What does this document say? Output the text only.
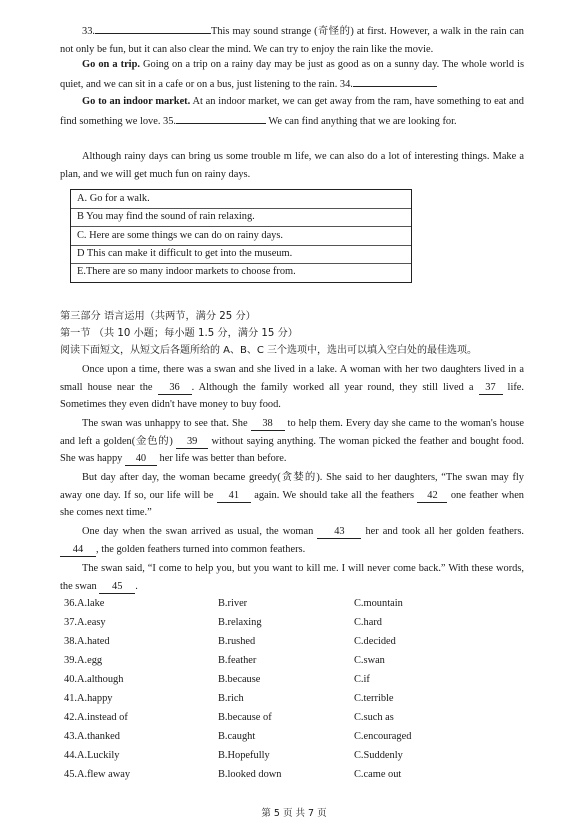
33.	This may sound strange (奇怪的) at first. However, a walk in the rain can not only be fun, but it can also clear the mind. We can try to enjoy the rain like the movie.

Go on a trip. Going on a trip on a rainy day may be just as good as on a sunny day. The whole world is quiet, and we can sit in a cafe or on a bus, just listening to the rain. 34.

Go to an indoor market. At an indoor market, we can get away from the ram, have something to eat and find something we love. 35.	We can find anything that we are looking for.

Although rainy days can bring us some trouble m life, we can also do a lot of interesting things. Make a plan, and we will get much fun on rainy days.

A. Go for a walk.
B You may find the sound of rain relaxing.
C. Here are some things we can do on rainy days.
D This can make it difficult to get into the museum.
E.There are so many indoor markets to choose from.
第三部分 语言运用（共两节，满分 25 分）
第一节 （共 10 小题；每小题 1.5 分，满分 15 分）
阅读下面短文，从短文后各题所给的 A、B、C 三个选项中，选出可以填入空白处的最佳选项。

Once upon a time, there was a swan and she lived in a lake. A woman with her two daughters lived in a small house near the 36 . Although the family worked all year round, they still lived a 37 life. Sometimes they even didn't have money to buy food.

The swan was unhappy to see that. She 38 to help them. Every day she came to the woman's house and left a golden(金色的) 39 without saying anything. The woman picked the feather and bought food. She was happy 40 her life was better than before.

But day after day, the woman became greedy(贪婪的). She said to her daughters, “The swan may fly away one day. If so, our life will be 41 again. We should take all the feathers 42 one feather when she comes next time.”

One day when the swan arrived as usual, the woman 43 her and took all her golden feathers. 44 , the golden feathers turned into common feathers.

The swan said, “I come to help you, but you want to kill me. I will never come back.” With these words, the swan 45 .

36.A.lake	B.river	C.mountain
37.A.easy	B.relaxing	C.hard
38.A.hated	B.rushed	C.decided
39.A.egg	B.feather	C.swan
40.A.although	B.because	C.if
41.A.happy	B.rich	C.terrible
42.A.instead of	B.because of	C.such as
43.A.thanked	B.caught	C.encouraged
44.A.Luckily	B.Hopefully	C.Suddenly
45.A.flew away	B.looked down	C.came out
第 5 页 共 7 页
